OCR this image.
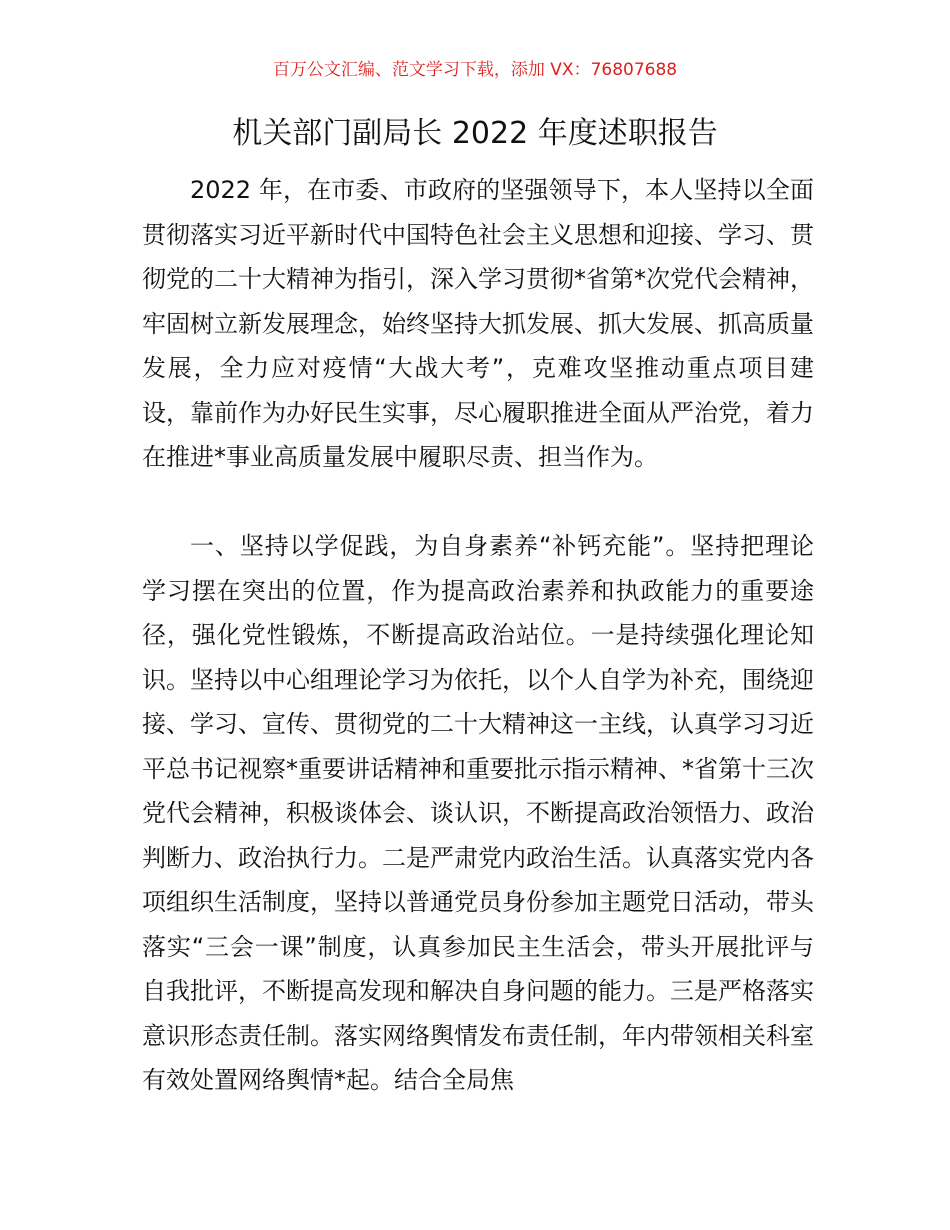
百万公文汇编、范文学习下载，添加 VX：76807688
机关部门副局长 2022 年度述职报告

2022 年，在市委、市政府的坚强领导下，本人坚持以全面贯彻落实习近平新时代中国特色社会主义思想和迎接、学习、贯彻党的二十大精神为指引，深入学习贯彻*省第*次党代会精神，牢固树立新发展理念，始终坚持大抓发展、抓大发展、抓高质量发展，全力应对疫情“大战大考”，克难攻坚推动重点项目建设，靠前作为办好民生实事，尽心履职推进全面从严治党，着力在推进*事业高质量发展中履职尽责、担当作为。

一、坚持以学促践，为自身素养“补钙充能”。坚持把理论学习摆在突出的位置，作为提高政治素养和执政能力的重要途径，强化党性锻炼，不断提高政治站位。一是持续强化理论知识。坚持以中心组理论学习为依托，以个人自学为补充，围绕迎接、学习、宣传、贯彻党的二十大精神这一主线，认真学习习近平总书记视察*重要讲话精神和重要批示指示精神、*省第十三次党代会精神，积极谈体会、谈认识，不断提高政治领悟力、政治判断力、政治执行力。二是严肃党内政治生活。认真落实党内各项组织生活制度，坚持以普通党员身份参加主题党日活动，带头落实“三会一课”制度，认真参加民主生活会，带头开展批评与自我批评，不断提高发现和解决自身问题的能力。三是严格落实意识形态责任制。落实网络舆情发布责任制，年内带领相关科室有效处置网络舆情*起。结合全局焦
